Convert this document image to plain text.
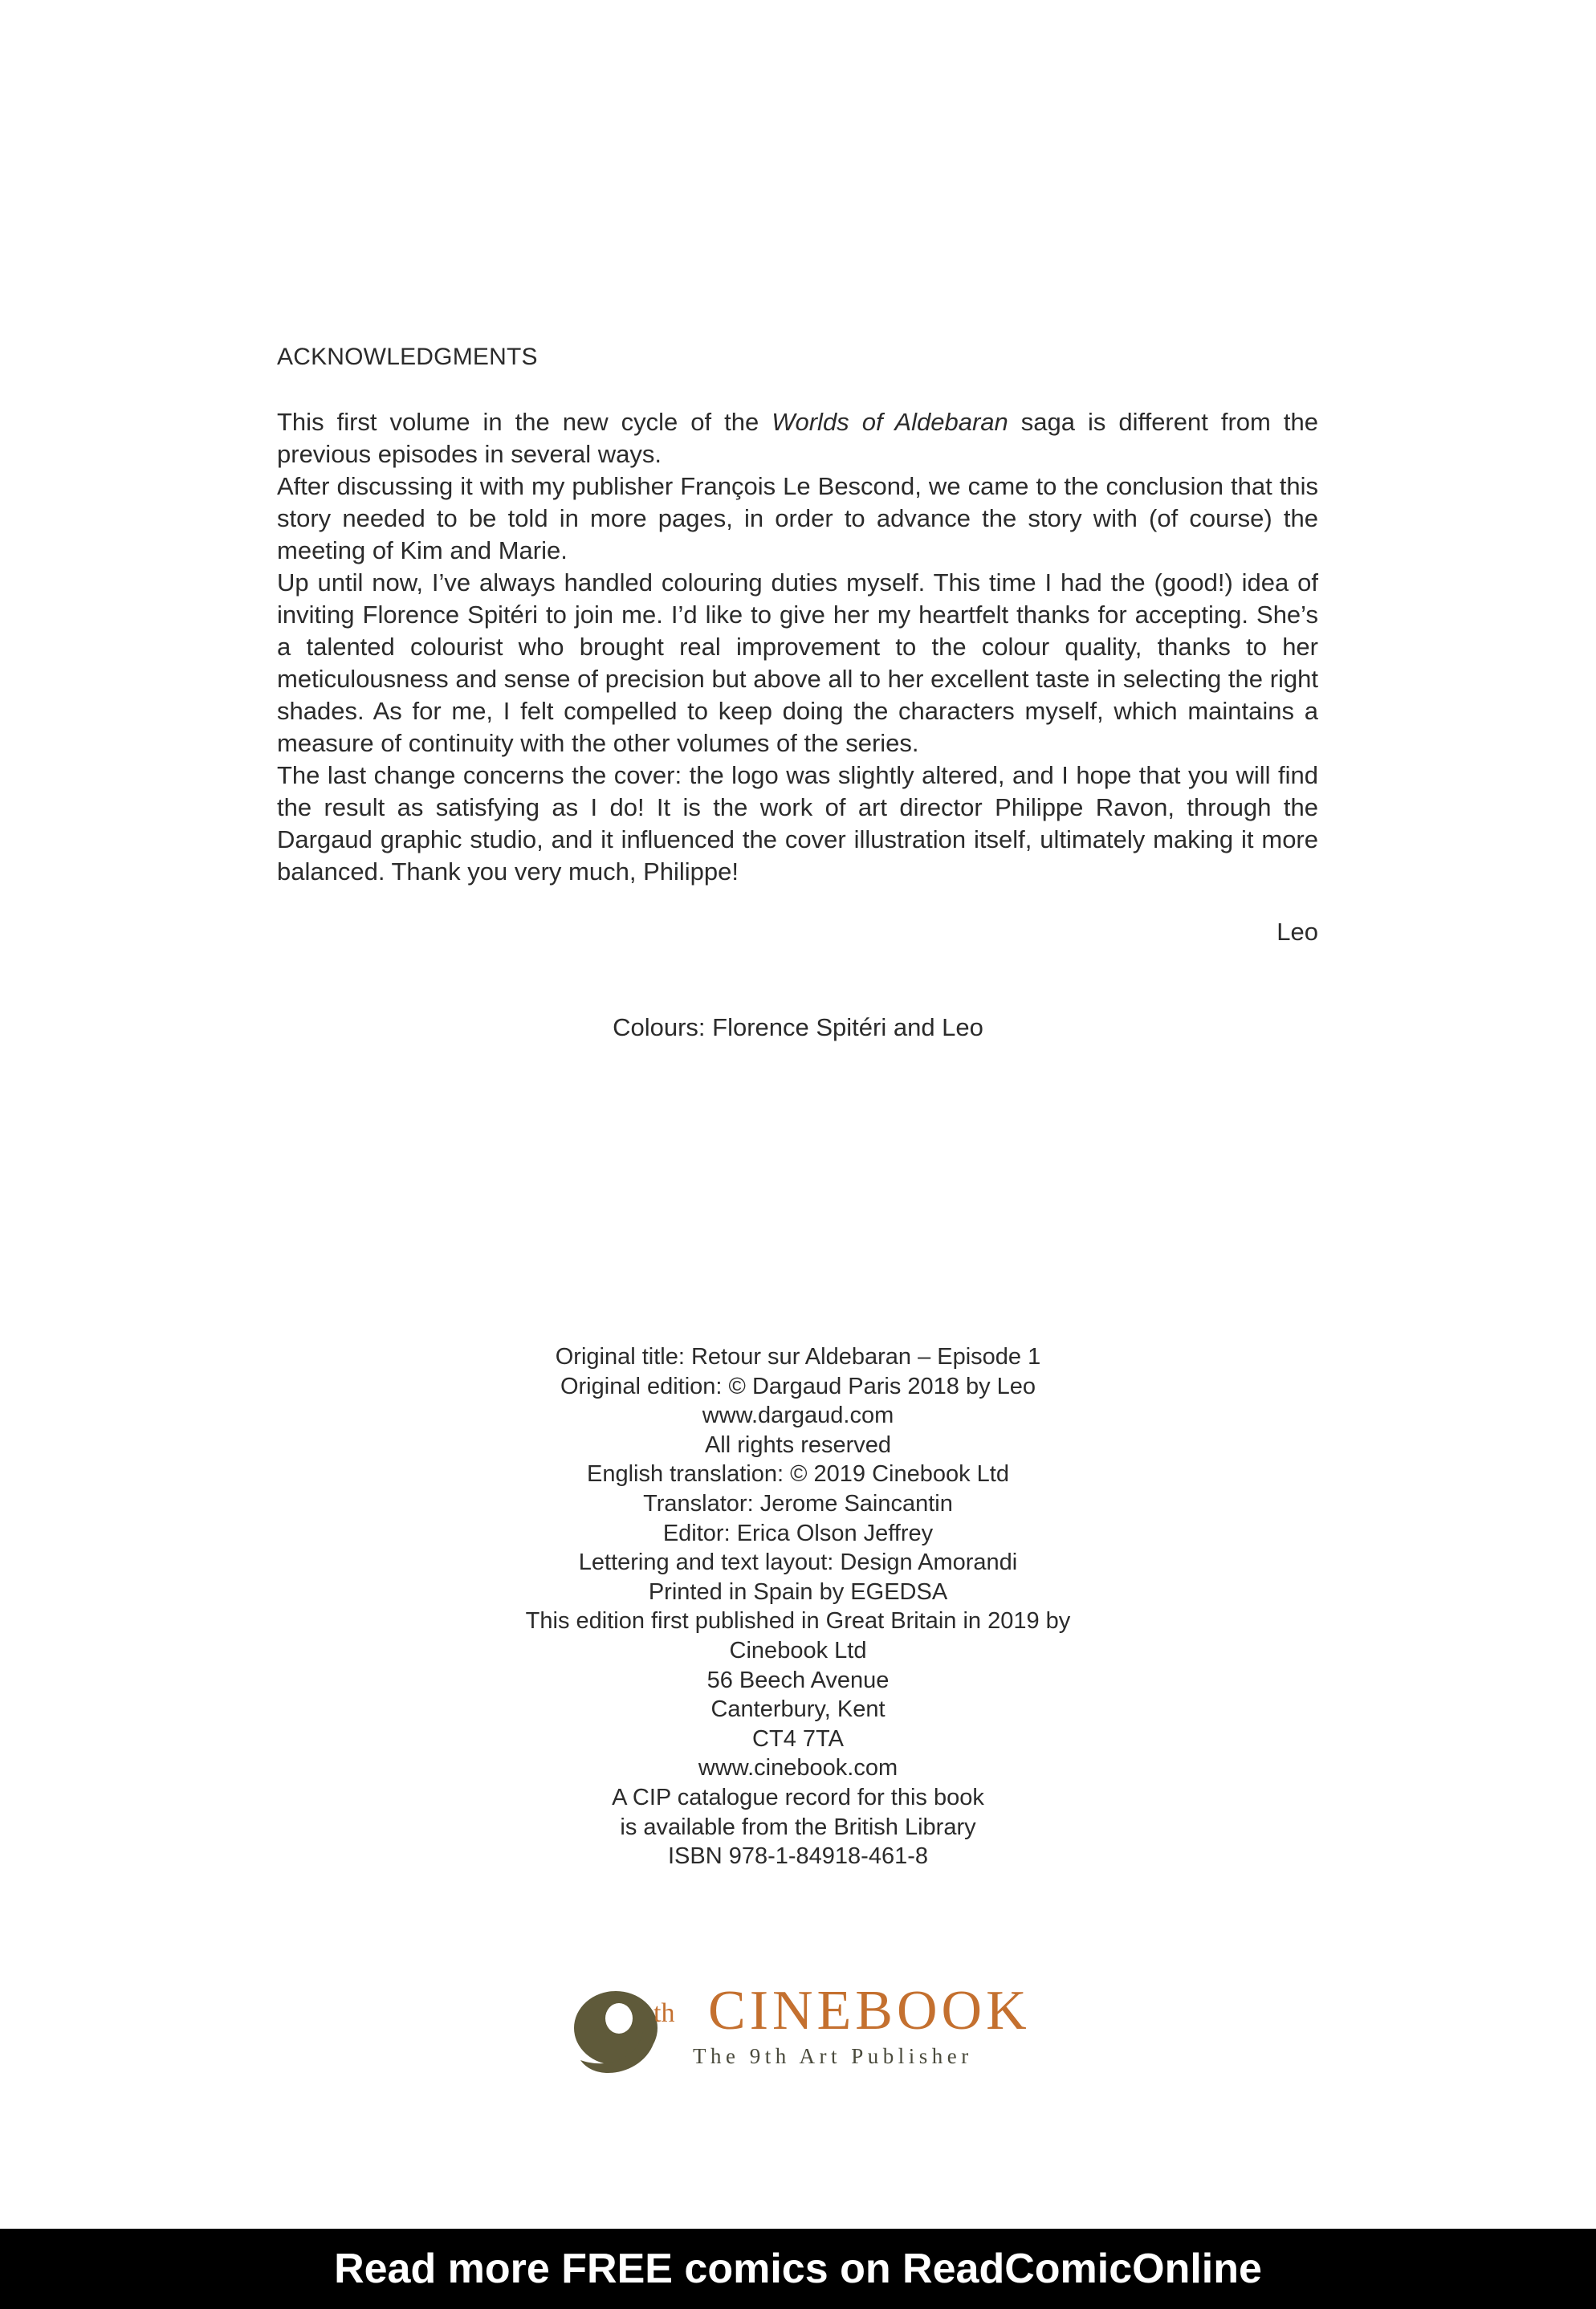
ACKNOWLEDGMENTS

This first volume in the new cycle of the Worlds of Aldebaran saga is different from the previous episodes in several ways.

After discussing it with my publisher François Le Bescond, we came to the conclusion that this story needed to be told in more pages, in order to advance the story with (of course) the meeting of Kim and Marie.

Up until now, I’ve always handled colouring duties myself. This time I had the (good!) idea of inviting Florence Spitéri to join me. I’d like to give her my heartfelt thanks for accepting. She’s a talented colourist who brought real improvement to the colour quality, thanks to her meticulousness and sense of precision but above all to her excellent taste in selecting the right shades. As for me, I felt compelled to keep doing the characters myself, which maintains a measure of continuity with the other volumes of the series.

The last change concerns the cover: the logo was slightly altered, and I hope that you will find the result as satisfying as I do! It is the work of art director Philippe Ravon, through the Dargaud graphic studio, and it influenced the cover illustration itself, ultimately making it more balanced. Thank you very much, Philippe!

Leo
Colours: Florence Spitéri and Leo
Original title: Retour sur Aldebaran – Episode 1
Original edition: © Dargaud Paris 2018 by Leo
www.dargaud.com
All rights reserved
English translation: © 2019 Cinebook Ltd
Translator: Jerome Saincantin
Editor: Erica Olson Jeffrey
Lettering and text layout: Design Amorandi
Printed in Spain by EGEDSA
This edition first published in Great Britain in 2019 by
Cinebook Ltd
56 Beech Avenue
Canterbury, Kent
CT4 7TA
www.cinebook.com
A CIP catalogue record for this book
is available from the British Library
ISBN 978-1-84918-461-8
th CINEBOOK
The 9th Art Publisher
Read more FREE comics on ReadComicOnline
